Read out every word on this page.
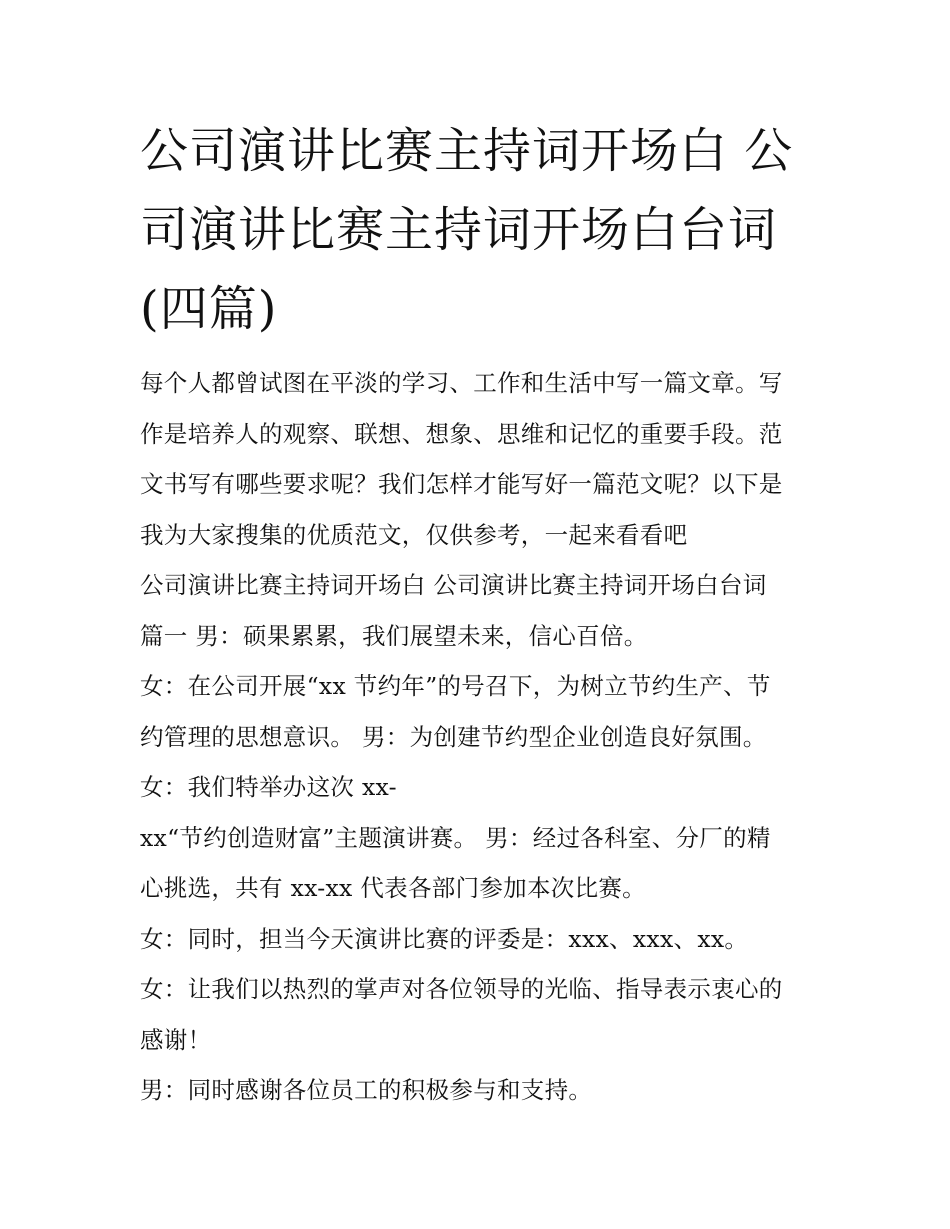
公司演讲比赛主持词开场白 公
司演讲比赛主持词开场白台词
(四篇)
每个人都曾试图在平淡的学习、工作和生活中写一篇文章。写
作是培养人的观察、联想、想象、思维和记忆的重要手段。范
文书写有哪些要求呢？我们怎样才能写好一篇范文呢？以下是
我为大家搜集的优质范文，仅供参考，一起来看看吧
公司演讲比赛主持词开场白 公司演讲比赛主持词开场白台词
篇一 男：硕果累累，我们展望未来，信心百倍。
女：在公司开展“xx 节约年”的号召下，为树立节约生产、节
约管理的思想意识。 男：为创建节约型企业创造良好氛围。
女：我们特举办这次 xx-
xx“节约创造财富”主题演讲赛。 男：经过各科室、分厂的精
心挑选，共有 xx-xx 代表各部门参加本次比赛。
女：同时，担当今天演讲比赛的评委是：xxx、xxx、xx。
女：让我们以热烈的掌声对各位领导的光临、指导表示衷心的
感谢！
男：同时感谢各位员工的积极参与和支持。
